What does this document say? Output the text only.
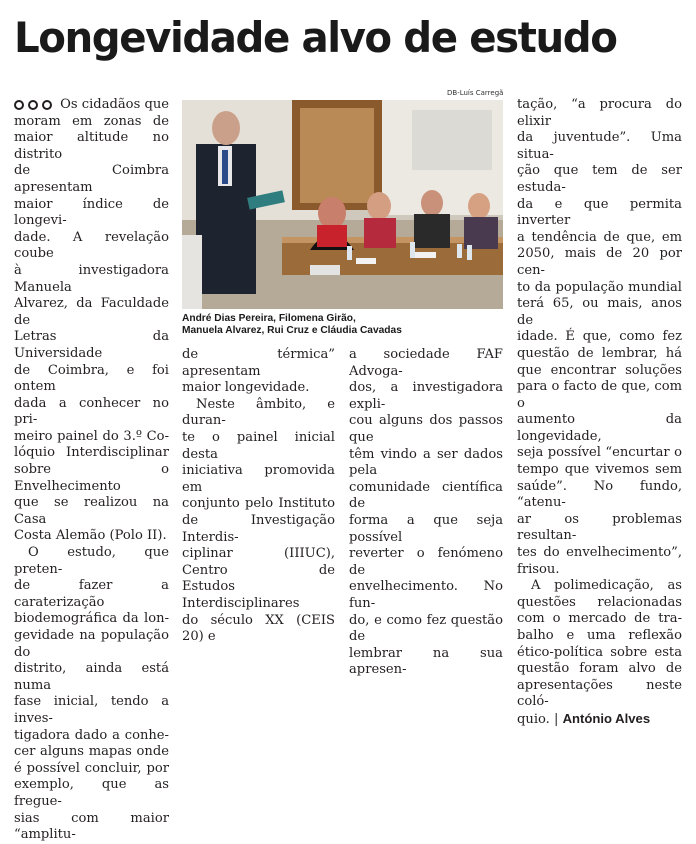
Longevidade alvo de estudo
Os cidadãos que
moram em zonas de
maior altitude no distrito
de Coimbra apresentam
maior índice de longevi-
dade. A revelação coube
à investigadora Manuela
Alvarez, da Faculdade de
Letras da Universidade
de Coimbra, e foi ontem
dada a conhecer no pri-
meiro painel do 3.º Co-
lóquio Interdisciplinar
sobre o Envelhecimento
que se realizou na Casa
Costa Alemão (Polo II).
O estudo, que preten-
de fazer a caraterização
biodemográfica da lon-
gevidade na população do
distrito, ainda está numa
fase inicial, tendo a inves-
tigadora dado a conhe-
cer alguns mapas onde
é possível concluir, por
exemplo, que as fregue-
sias com maior “amplitu-
de térmica” apresentam
maior longevidade.
Neste âmbito, e duran-
te o painel inicial desta
iniciativa promovida em
conjunto pelo Instituto
de Investigação Interdis-
ciplinar (IIIUC), Centro de
Estudos Interdisciplinares
do século XX (CEIS 20) e
a sociedade FAF Advoga-
dos, a investigadora expli-
cou alguns dos passos que
têm vindo a ser dados pela
comunidade científica de
forma a que seja possível
reverter o fenómeno de
envelhecimento. No fun-
do, e como fez questão de
lembrar na sua apresen-
tação, “a procura do elixir
da juventude”. Uma situa-
ção que tem de ser estuda-
da e que permita inverter
a tendência de que, em
2050, mais de 20 por cen-
to da população mundial
terá 65, ou mais, anos de
idade. É que, como fez
questão de lembrar, há
que encontrar soluções
para o facto de que, com o
aumento da longevidade,
seja possível “encurtar o
tempo que vivemos sem
saúde”. No fundo, “atenu-
ar os problemas resultan-
tes do envelhecimento”,
frisou.
A polimedicação, as
questões relacionadas
com o mercado de tra-
balho e uma reflexão
ético-política sobre esta
questão foram alvo de
apresentações neste coló-
quio. | António Alves
DB-Luís Carregã
André Dias Pereira, Filomena Girão,
Manuela Alvarez, Rui Cruz e Cláudia Cavadas
